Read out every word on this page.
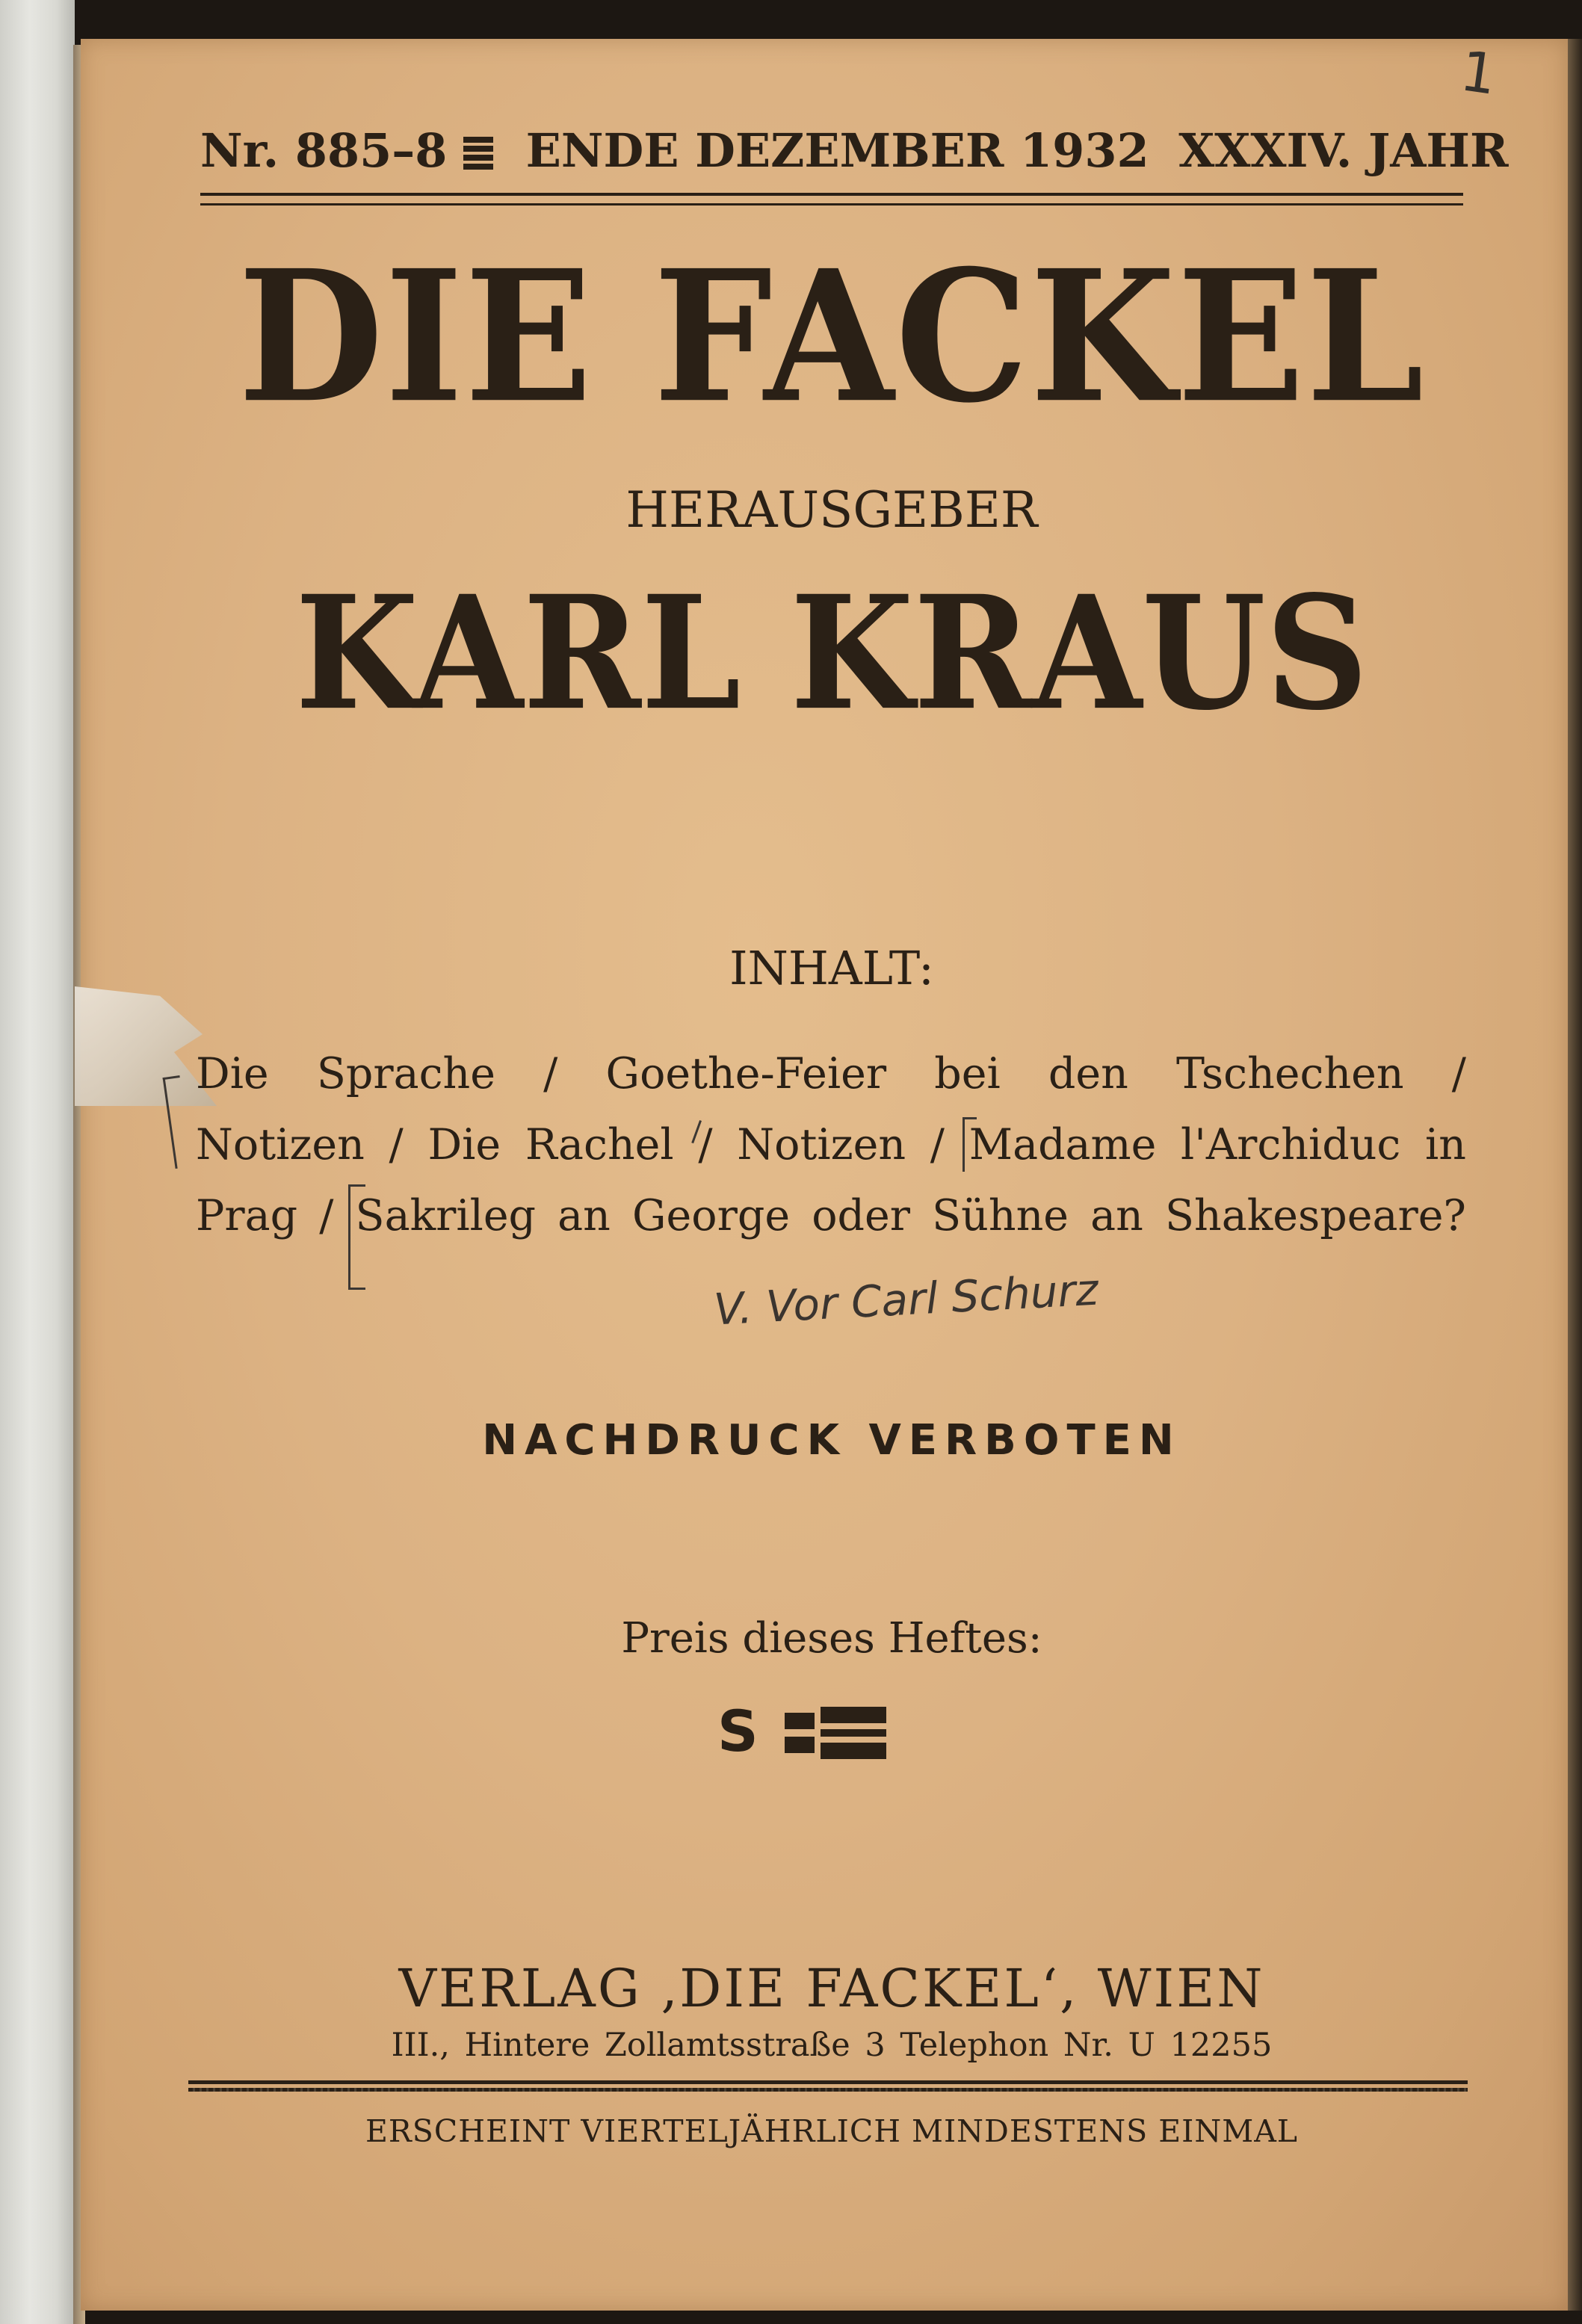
1
Nr. 885–8 ENDE DEZEMBER 1932 XXXIV. JAHR
DIE FACKEL
HERAUSGEBER
KARL KRAUS
INHALT:
Die Sprache / Goethe-Feier bei den Tschechen /
Notizen / Die Rachel / Notizen / Madame l'Archiduc in
Prag / Sakrileg an George oder Sühne an Shakespeare?
V. Vor Carl Schurz
NACHDRUCK VERBOTEN
Preis dieses Heftes:
S
VERLAG ‚DIE FACKEL‘, WIEN
III., Hintere Zollamtsstraße 3 Telephon Nr. U 12255
ERSCHEINT VIERTELJÄHRLICH MINDESTENS EINMAL
